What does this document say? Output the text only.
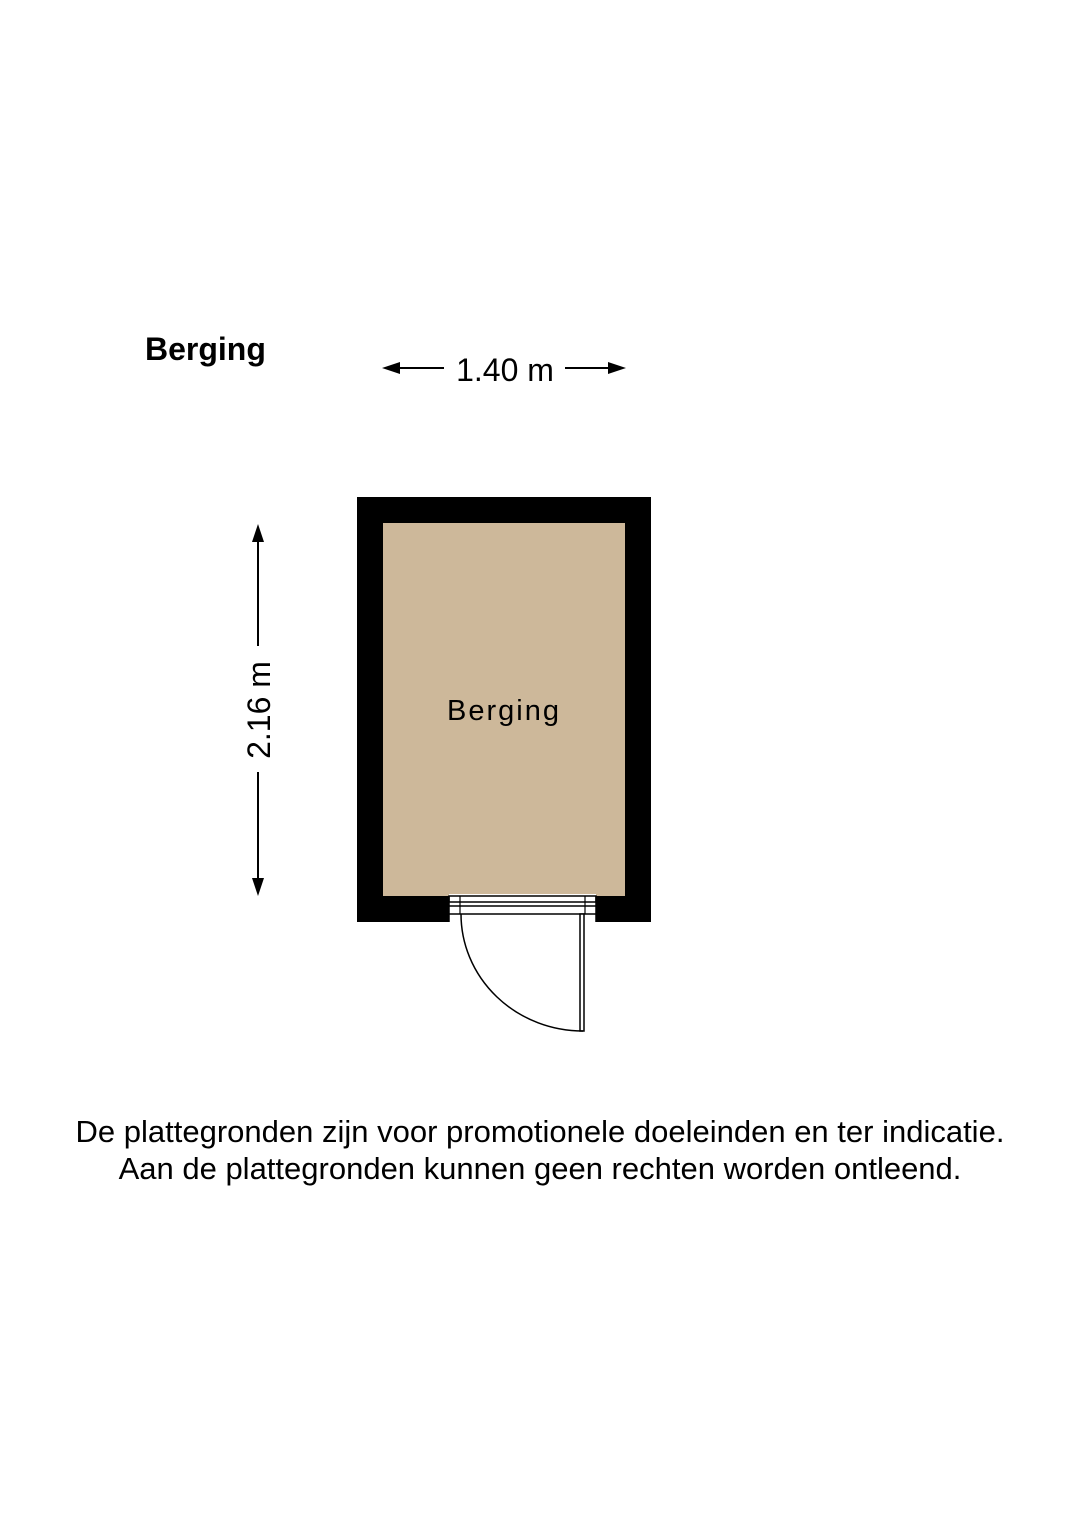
Berging
1.40 m
2.16 m	Berging
De plattegronden zijn voor promotionele doeleinden en ter indicatie.
Aan de plattegronden kunnen geen rechten worden ontleend.
